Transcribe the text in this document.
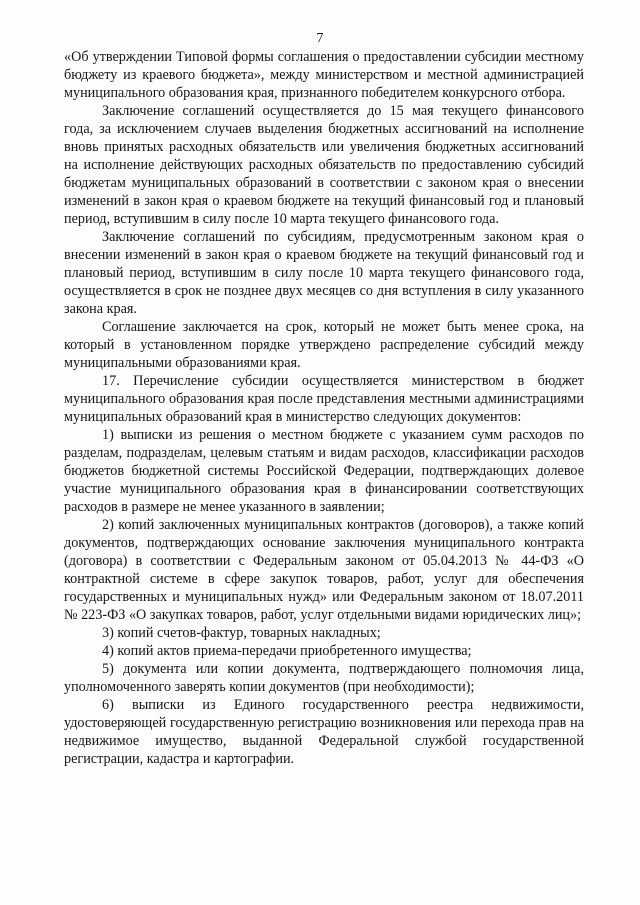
7

«Об утверждении Типовой формы соглашения о предоставлении субсидии местному бюджету из краевого бюджета», между министерством и местной администрацией муниципального образования края, признанного победителем конкурсного отбора.

Заключение соглашений осуществляется до 15 мая текущего финансового года, за исключением случаев выделения бюджетных ассигнований на исполнение вновь принятых расходных обязательств или увеличения бюджетных ассигнований на исполнение действующих расходных обязательств по предоставлению субсидий бюджетам муниципальных образований в соответствии с законом края о внесении изменений в закон края о краевом бюджете на текущий финансовый год и плановый период, вступившим в силу после 10 марта текущего финансового года.

Заключение соглашений по субсидиям, предусмотренным законом края о внесении изменений в закон края о краевом бюджете на текущий финансовый год и плановый период, вступившим в силу после 10 марта текущего финансового года, осуществляется в срок не позднее двух месяцев со дня вступления в силу указанного закона края.

Соглашение заключается на срок, который не может быть менее срока, на который в установленном порядке утверждено распределение субсидий между муниципальными образованиями края.

17. Перечисление субсидии осуществляется министерством в бюджет муниципального образования края после представления местными администрациями муниципальных образований края в министерство следующих документов:

1) выписки из решения о местном бюджете с указанием сумм расходов по разделам, подразделам, целевым статьям и видам расходов, классификации расходов бюджетов бюджетной системы Российской Федерации, подтверждающих долевое участие муниципального образования края в финансировании соответствующих расходов в размере не менее указанного в заявлении;

2) копий заключенных муниципальных контрактов (договоров), а также копий документов, подтверждающих основание заключения муниципального контракта (договора) в соответствии с Федеральным законом от 05.04.2013 № 44-ФЗ «О контрактной системе в сфере закупок товаров, работ, услуг для обеспечения государственных и муниципальных нужд» или Федеральным законом от 18.07.2011 № 223-ФЗ «О закупках товаров, работ, услуг отдельными видами юридических лиц»;

3) копий счетов-фактур, товарных накладных;

4) копий актов приема-передачи приобретенного имущества;

5) документа или копии документа, подтверждающего полномочия лица, уполномоченного заверять копии документов (при необходимости);

6) выписки из Единого государственного реестра недвижимости, удостоверяющей государственную регистрацию возникновения или перехода прав на недвижимое имущество, выданной Федеральной службой государственной регистрации, кадастра и картографии.
